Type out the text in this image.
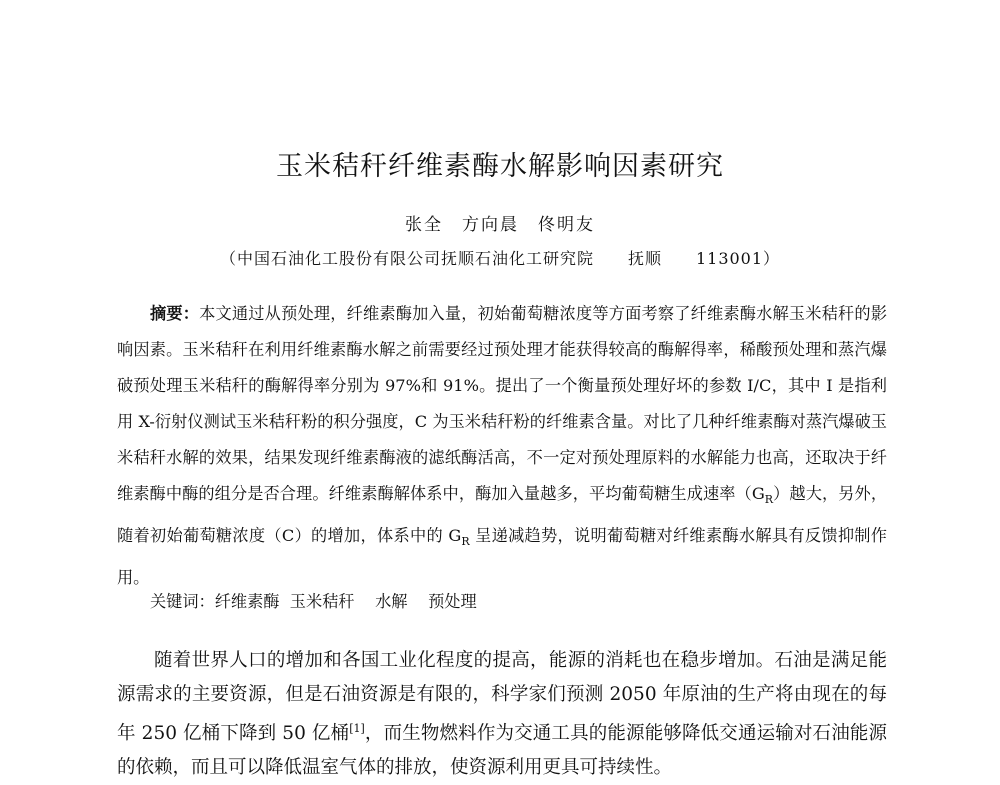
玉米秸秆纤维素酶水解影响因素研究
张全　方向晨　佟明友
（中国石油化工股份有限公司抚顺石油化工研究院　　抚顺　　113001）
摘要：本文通过从预处理，纤维素酶加入量，初始葡萄糖浓度等方面考察了纤维素酶水解玉米秸秆的影响因素。玉米秸秆在利用纤维素酶水解之前需要经过预处理才能获得较高的酶解得率，稀酸预处理和蒸汽爆破预处理玉米秸秆的酶解得率分别为 97%和 91%。提出了一个衡量预处理好坏的参数 I/C，其中 I 是指利用 X-衍射仪测试玉米秸秆粉的积分强度，C 为玉米秸秆粉的纤维素含量。对比了几种纤维素酶对蒸汽爆破玉米秸秆水解的效果，结果发现纤维素酶液的滤纸酶活高，不一定对预处理原料的水解能力也高，还取决于纤维素酶中酶的组分是否合理。纤维素酶解体系中，酶加入量越多，平均葡萄糖生成速率$(G_R)$越大，另外，随着初始葡萄糖浓度（C）的增加，体系中的 $G_R$ 呈递减趋势，说明葡萄糖对纤维素酶水解具有反馈抑制作用。
关键词：纤维素酶  玉米秸秆    水解    预处理
随着世界人口的增加和各国工业化程度的提高，能源的消耗也在稳步增加。石油是满足能源需求的主要资源，但是石油资源是有限的，科学家们预测 2050 年原油的生产将由现在的每年 250 亿桶下降到 50 亿桶[1]，而生物燃料作为交通工具的能源能够降低交通运输对石油能源的依赖，而且可以降低温室气体的排放，使资源利用更具可持续性。
